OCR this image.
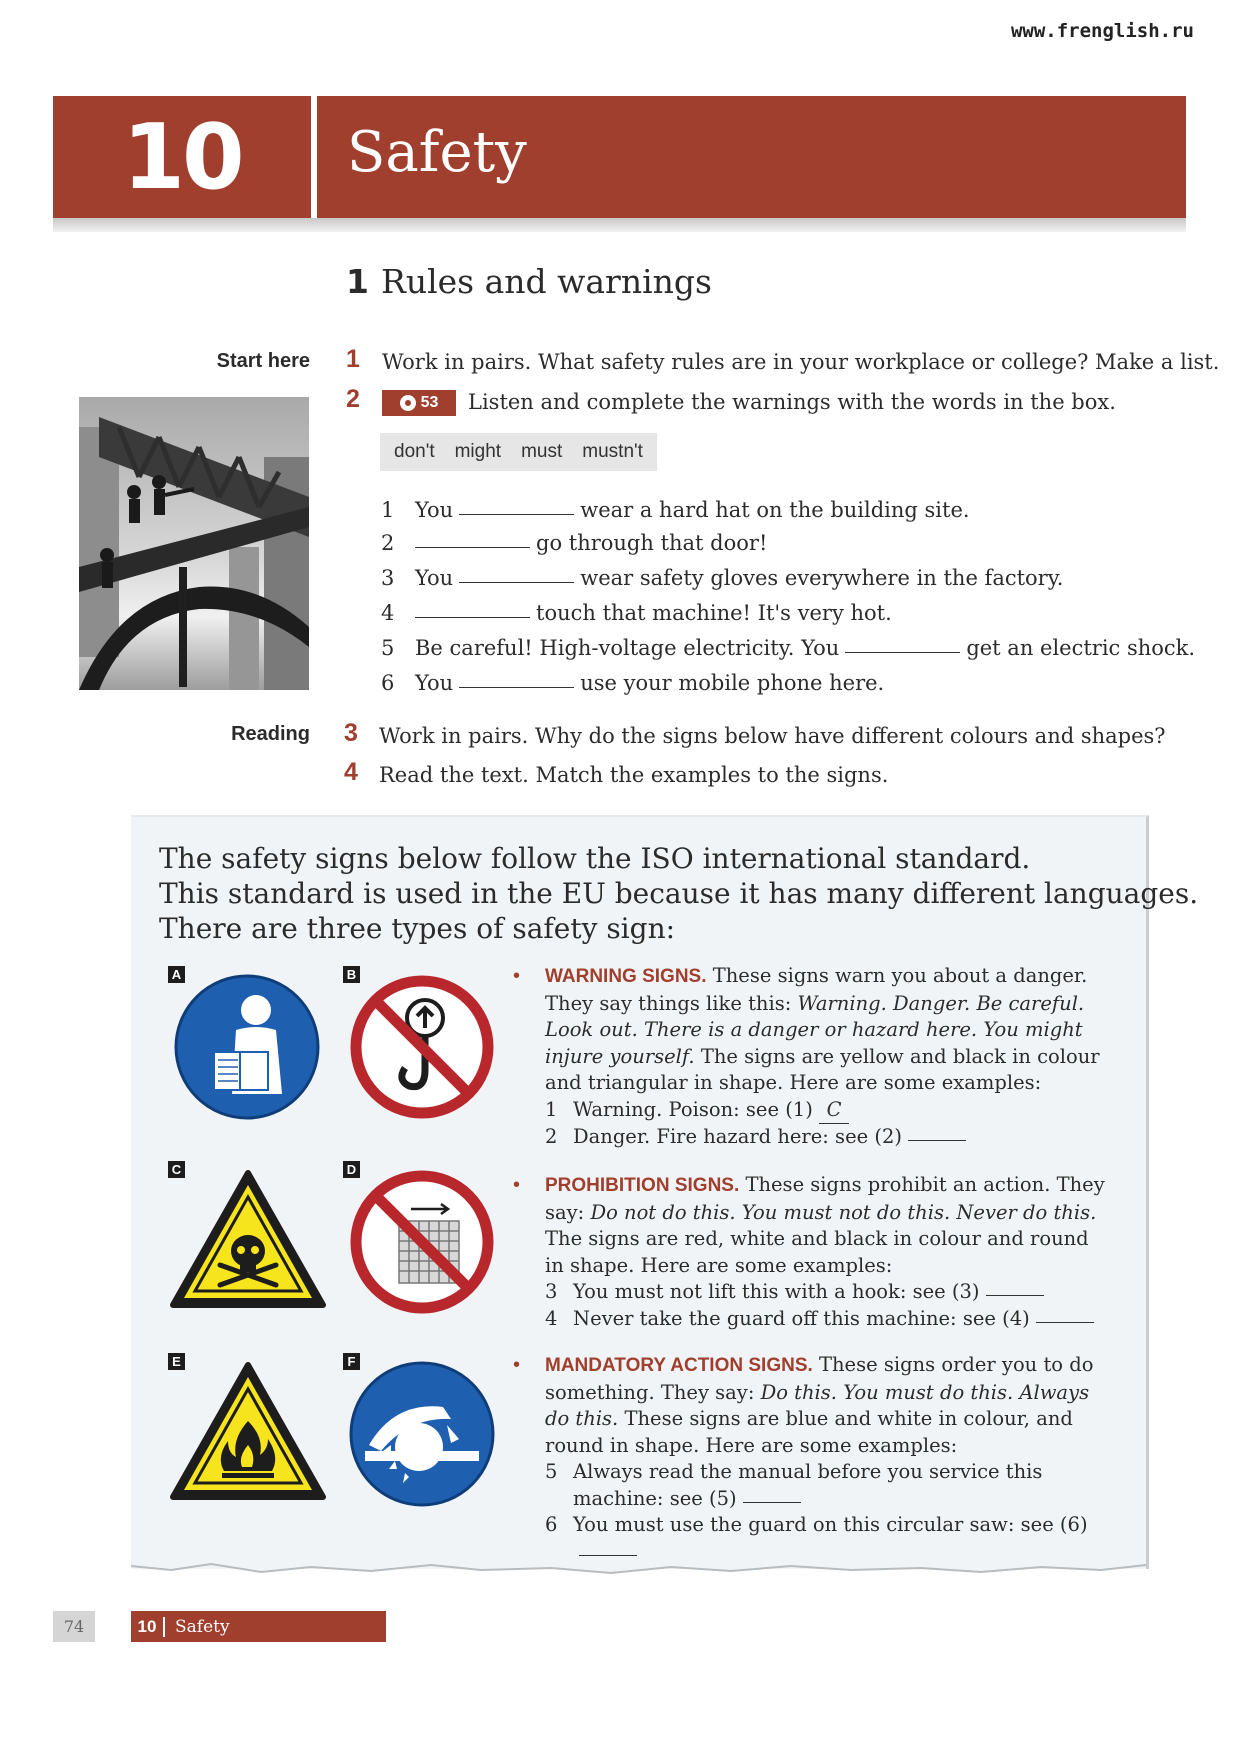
www.frenglish.ru
10	Safety
1 Rules and warnings
Start here
Reading
1 Work in pairs. What safety rules are in your workplace or college? Make a list.
2	53 Listen and complete the warnings with the words in the box.
don't might must mustn't
1 You	wear a hard hat on the building site.
2	go through that door!
3 You	wear safety gloves everywhere in the factory.
4	touch that machine! It's very hot.
5 Be careful! High-voltage electricity. You	get an electric shock.
6 You	use your mobile phone here.
3 Work in pairs. Why do the signs below have different colours and shapes?
4 Read the text. Match the examples to the signs.
The safety signs below follow the ISO international standard.
This standard is used in the EU because it has many different languages.
There are three types of safety sign:
A	B
C	D
E	F
• WARNING SIGNS. These signs warn you about a danger. They say things like this: Warning. Danger. Be careful. Look out. There is a danger or hazard here. You might injure yourself. The signs are yellow and black in colour and triangular in shape. Here are some examples:
1 Warning. Poison: see (1) C
2 Danger. Fire hazard here: see (2)
• PROHIBITION SIGNS. These signs prohibit an action. They say: Do not do this. You must not do this. Never do this. The signs are red, white and black in colour and round in shape. Here are some examples:
3 You must not lift this with a hook: see (3)
4 Never take the guard off this machine: see (4)
• MANDATORY ACTION SIGNS. These signs order you to do something. They say: Do this. You must do this. Always do this. These signs are blue and white in colour, and round in shape. Here are some examples:
5 Always read the manual before you service this machine: see (5)
6 You must use the guard on this circular saw: see (6)
74	10	Safety
